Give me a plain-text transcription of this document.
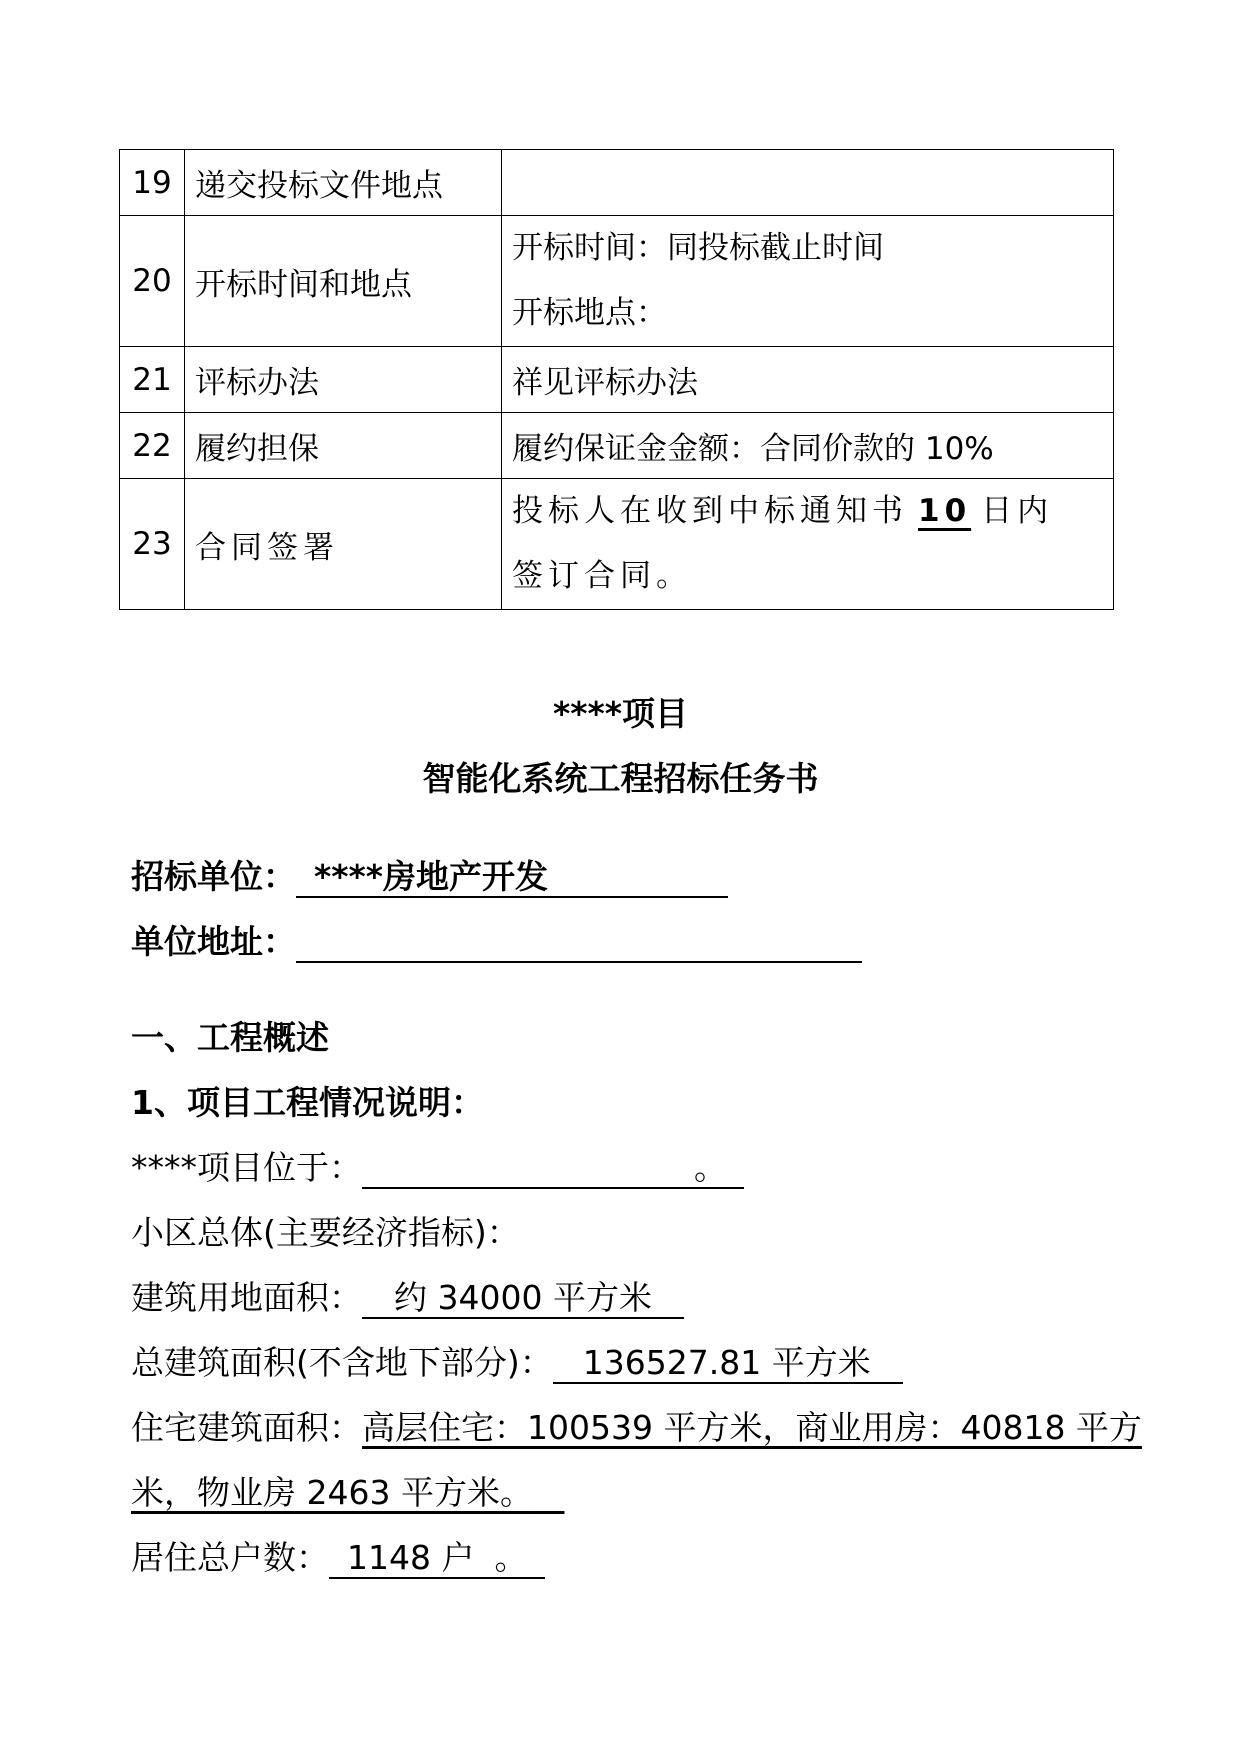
19	递交投标文件地点	
20	开标时间和地点	开标时间：同投标截止时间
开标地点：

21	评标办法	祥见评标办法
22	履约担保	履约保证金金额：合同价款的 10%
23	合同签署	投标人在收到中标通知书 10 日内
签订合同。
****项目
智能化系统工程招标任务书
招标单位： ****房地产开发
单位地址：
一、工程概述
1、项目工程情况说明：
****项目位于：	。
小区总体(主要经济指标)：
建筑用地面积： 约 34000 平方米
总建筑面积(不含地下部分)： 136527.81 平方米
住宅建筑面积：高层住宅：100539 平方米，商业用房：40818 平方
米，物业房 2463 平方米。
居住总户数： 1148 户 。
